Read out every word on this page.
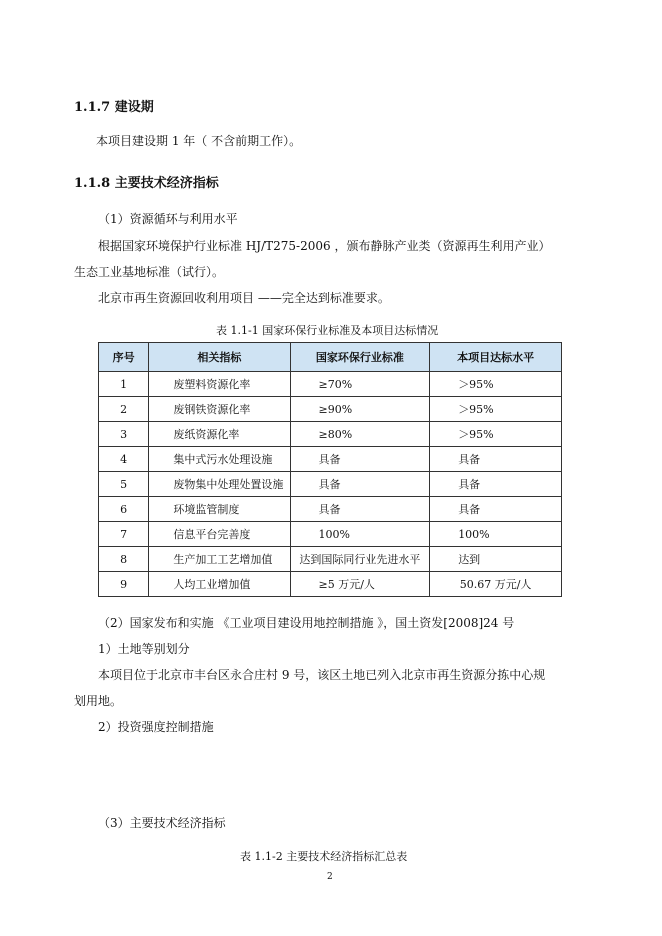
1.1.7 建设期
本项目建设期 1 年（ 不含前期工作）。
1.1.8 主要技术经济指标
（1）资源循环与利用水平
根据国家环境保护行业标准 HJ/T275-2006 ，颁布静脉产业类（资源再生利用产业）
生态工业基地标准（试行）。
北京市再生资源回收利用项目 ——完全达到标准要求。
表 1.1-1 国家环保行业标准及本项目达标情况
序号	相关指标	国家环保行业标准	本项目达标水平
1	废塑料资源化率	≥70%	＞95%
2	废钢铁资源化率	≥90%	＞95%
3	废纸资源化率	≥80%	＞95%
4	集中式污水处理设施	具备	具备
5	废物集中处理处置设施	具备	具备
6	环境监管制度	具备	具备
7	信息平台完善度	100%	100%
8	生产加工工艺增加值	达到国际同行业先进水平	达到
9	人均工业增加值	≥5 万元/人	50.67 万元/人
（2）国家发布和实施 《工业项目建设用地控制措施 》，国土资发[2008]24 号
1）土地等别划分
本项目位于北京市丰台区永合庄村 9 号，该区土地已列入北京市再生资源分拣中心规
划用地。
2）投资强度控制措施
（3）主要技术经济指标
表 1.1-2 主要技术经济指标汇总表
2
